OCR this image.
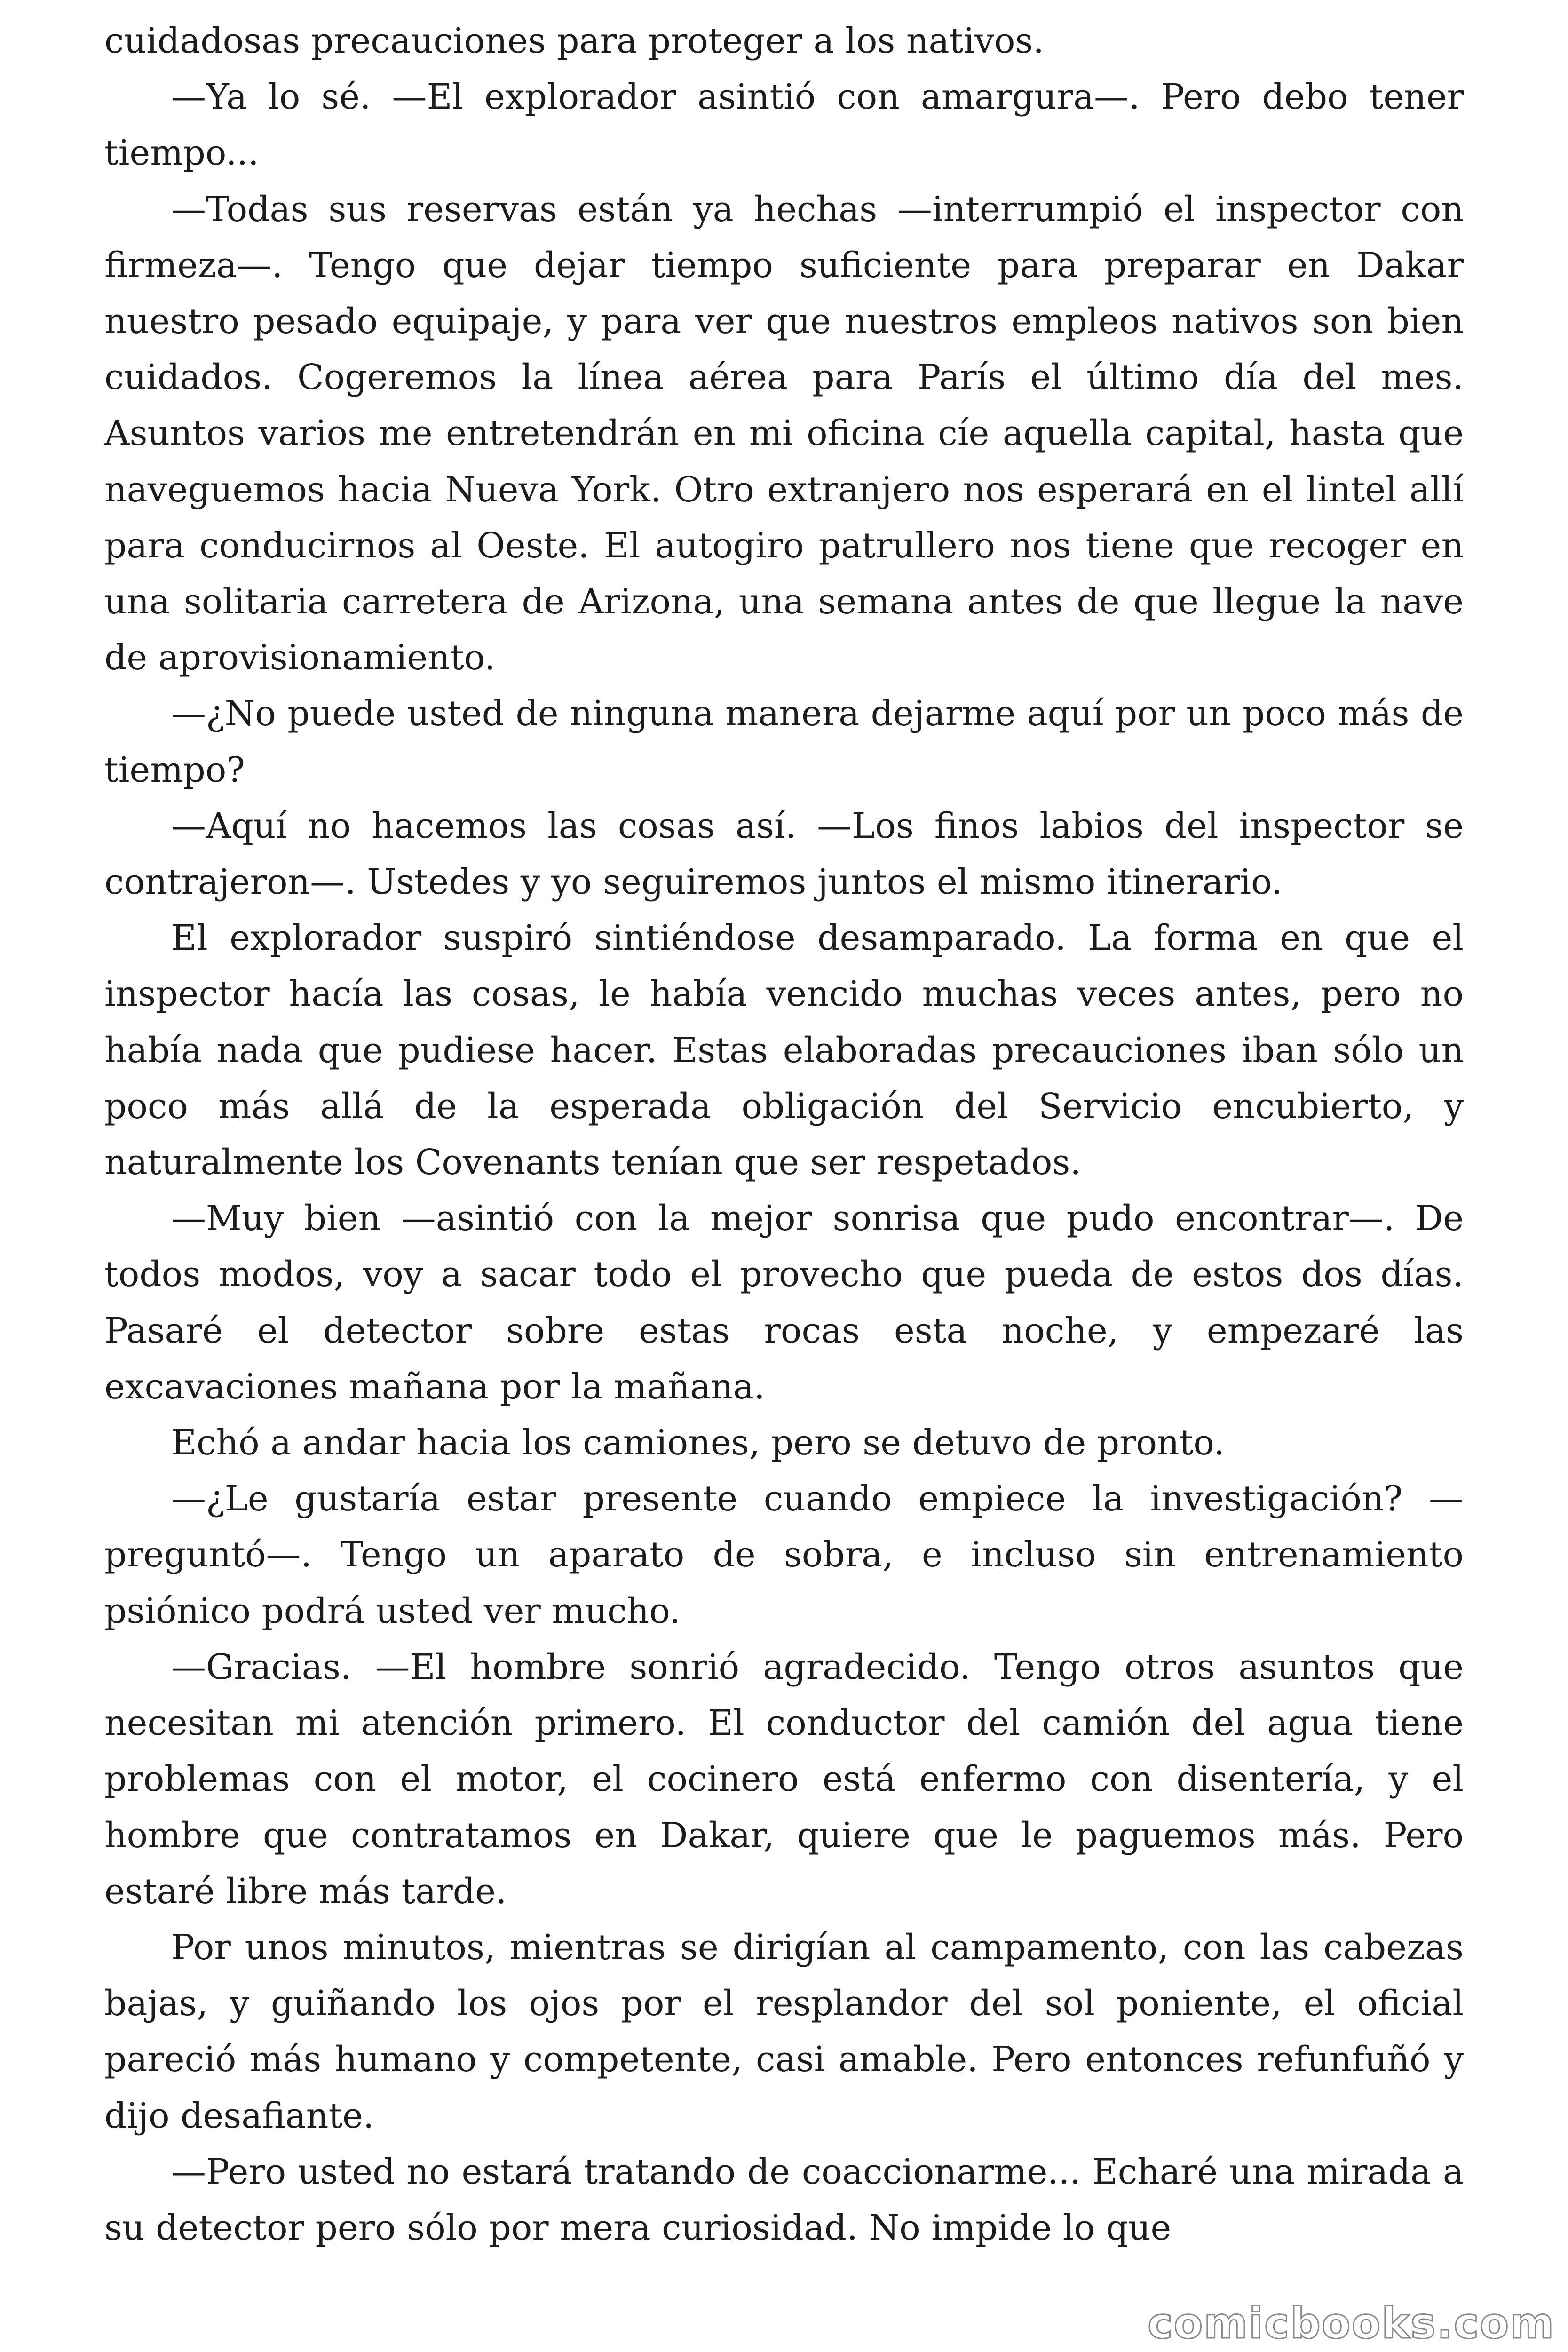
cuidadosas precauciones para proteger a los nativos.

—Ya lo sé. —El explorador asintió con amargura—. Pero debo tener tiempo...

—Todas sus reservas están ya hechas —interrumpió el inspector con firmeza—. Tengo que dejar tiempo suficiente para preparar en Dakar nuestro pesado equipaje, y para ver que nuestros empleos nativos son bien cuidados. Cogeremos la línea aérea para París el último día del mes. Asuntos varios me entretendrán en mi oficina cíe aquella capital, hasta que naveguemos hacia Nueva York. Otro extranjero nos esperará en el lintel allí para conducirnos al Oeste. El autogiro patrullero nos tiene que recoger en una solitaria carretera de Arizona, una semana antes de que llegue la nave de aprovisionamiento.

—¿No puede usted de ninguna manera dejarme aquí por un poco más de tiempo?

—Aquí no hacemos las cosas así. —Los finos labios del inspector se contrajeron—. Ustedes y yo seguiremos juntos el mismo itinerario.

El explorador suspiró sintiéndose desamparado. La forma en que el inspector hacía las cosas, le había vencido muchas veces antes, pero no había nada que pudiese hacer. Estas elaboradas precauciones iban sólo un poco más allá de la esperada obligación del Servicio encubierto, y naturalmente los Covenants tenían que ser respetados.

—Muy bien —asintió con la mejor sonrisa que pudo encontrar—. De todos modos, voy a sacar todo el provecho que pueda de estos dos días. Pasaré el detector sobre estas rocas esta noche, y empezaré las excavaciones mañana por la mañana.

Echó a andar hacia los camiones, pero se detuvo de pronto.

—¿Le gustaría estar presente cuando empiece la investigación? —preguntó—. Tengo un aparato de sobra, e incluso sin entrenamiento psiónico podrá usted ver mucho.

—Gracias. —El hombre sonrió agradecido. Tengo otros asuntos que necesitan mi atención primero. El conductor del camión del agua tiene problemas con el motor, el cocinero está enfermo con disentería, y el hombre que contratamos en Dakar, quiere que le paguemos más. Pero estaré libre más tarde.

Por unos minutos, mientras se dirigían al campamento, con las cabezas bajas, y guiñando los ojos por el resplandor del sol poniente, el oficial pareció más humano y competente, casi amable. Pero entonces refunfuñó y dijo desafiante.

—Pero usted no estará tratando de coaccionarme... Echaré una mirada a su detector pero sólo por mera curiosidad. No impide lo que

comicbooks.com
